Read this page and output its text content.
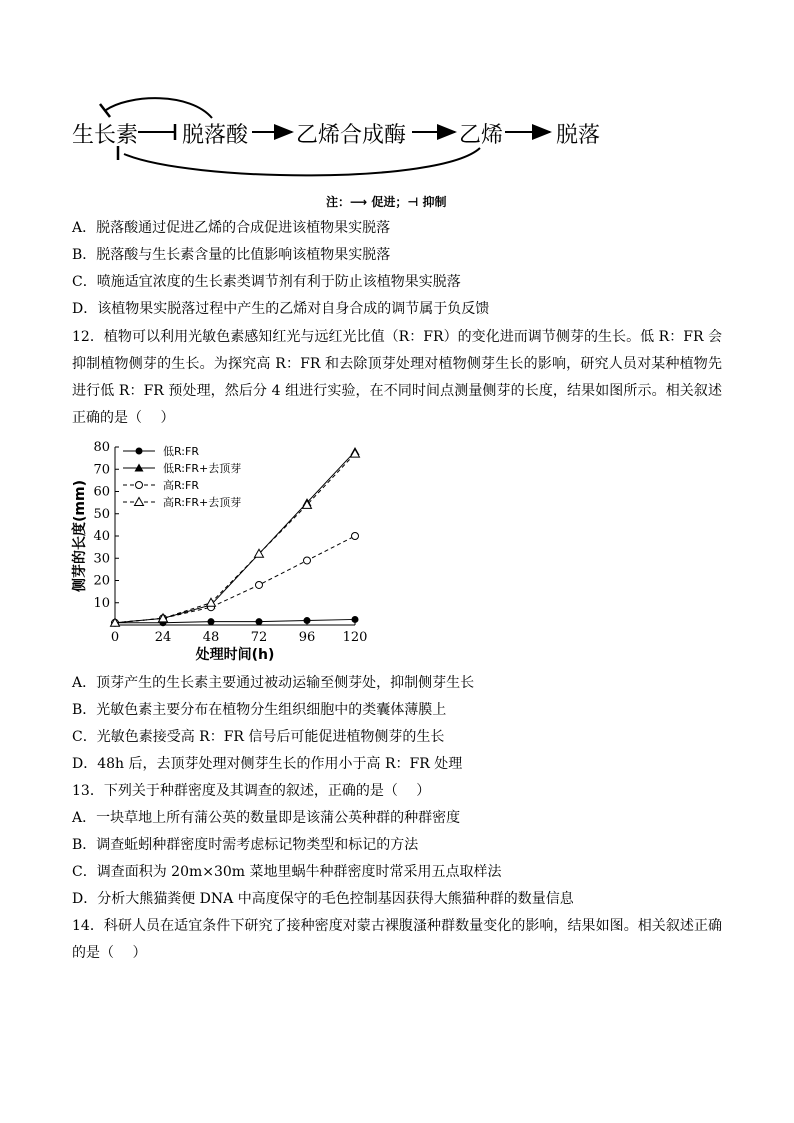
生长素 脱落酸 乙烯合成酶 乙烯 脱落
注：⟶ 促进；⊣ 抑制
A．脱落酸通过促进乙烯的合成促进该植物果实脱落
B．脱落酸与生长素含量的比值影响该植物果实脱落
C．喷施适宜浓度的生长素类调节剂有利于防止该植物果实脱落
D．该植物果实脱落过程中产生的乙烯对自身合成的调节属于负反馈
12．植物可以利用光敏色素感知红光与远红光比值（R：FR）的变化进而调节侧芽的生长。低 R：FR 会抑制植物侧芽的生长。为探究高 R：FR 和去除顶芽处理对植物侧芽生长的影响，研究人员对某种植物先进行低 R：FR 预处理，然后分 4 组进行实验，在不同时间点测量侧芽的长度，结果如图所示。相关叙述正确的是（　 ）
0	24 48 72 96 120
10
20
30
40
50
60
70
80
处理时间(h)
侧芽的长度(mm)
低R:FR
低R:FR+去顶芽
高R:FR
高R:FR+去顶芽
A．顶芽产生的生长素主要通过被动运输至侧芽处，抑制侧芽生长
B．光敏色素主要分布在植物分生组织细胞中的类囊体薄膜上
C．光敏色素接受高 R：FR 信号后可能促进植物侧芽的生长
D．48h 后，去顶芽处理对侧芽生长的作用小于高 R：FR 处理
13．下列关于种群密度及其调查的叙述，正确的是（　 ）
A．一块草地上所有蒲公英的数量即是该蒲公英种群的种群密度
B．调查蚯蚓种群密度时需考虑标记物类型和标记的方法
C．调查面积为 20m×30m 菜地里蜗牛种群密度时常采用五点取样法
D．分析大熊猫粪便 DNA 中高度保守的毛色控制基因获得大熊猫种群的数量信息
14．科研人员在适宜条件下研究了接种密度对蒙古裸腹溞种群数量变化的影响，结果如图。相关叙述正确的是（　 ）
